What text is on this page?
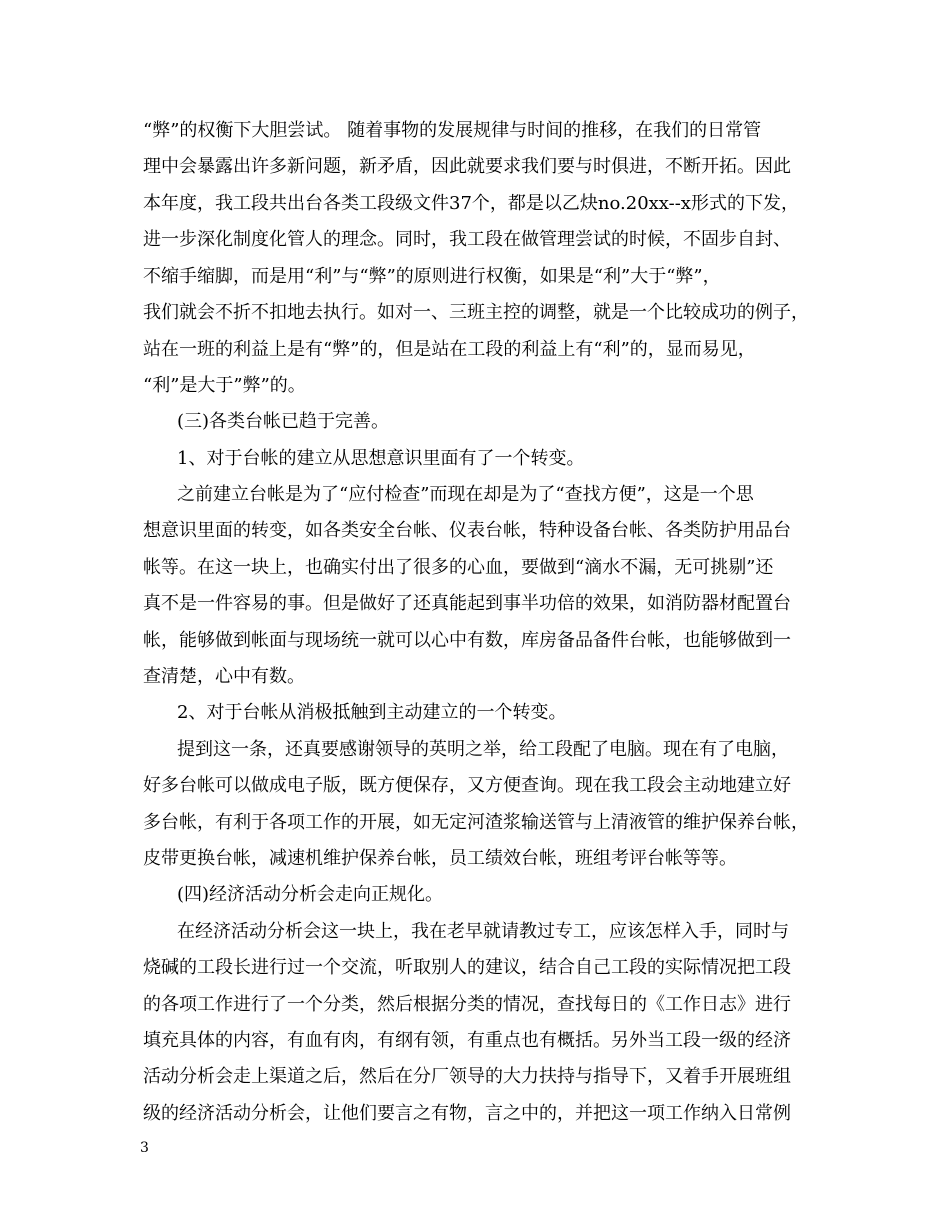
“弊”的权衡下大胆尝试。 随着事物的发展规律与时间的推移，在我们的日常管
理中会暴露出许多新问题，新矛盾，因此就要求我们要与时俱进，不断开拓。因此
本年度，我工段共出台各类工段级文件37个，都是以乙炔no.20xx--x形式的下发，
进一步深化制度化管人的理念。同时，我工段在做管理尝试的时候，不固步自封、
不缩手缩脚，而是用“利”与“弊”的原则进行权衡，如果是“利”大于“弊”，
我们就会不折不扣地去执行。如对一、三班主控的调整，就是一个比较成功的例子，
站在一班的利益上是有“弊”的，但是站在工段的利益上有“利”的，显而易见，
“利”是大于”弊”的。
(三)各类台帐已趋于完善。
1、对于台帐的建立从思想意识里面有了一个转变。
之前建立台帐是为了“应付检查”而现在却是为了“查找方便”，这是一个思
想意识里面的转变，如各类安全台帐、仪表台帐，特种设备台帐、各类防护用品台
帐等。在这一块上，也确实付出了很多的心血，要做到“滴水不漏，无可挑剔”还
真不是一件容易的事。但是做好了还真能起到事半功倍的效果，如消防器材配置台
帐，能够做到帐面与现场统一就可以心中有数，库房备品备件台帐，也能够做到一
查清楚，心中有数。
2、对于台帐从消极抵触到主动建立的一个转变。
提到这一条，还真要感谢领导的英明之举，给工段配了电脑。现在有了电脑，
好多台帐可以做成电子版，既方便保存，又方便查询。现在我工段会主动地建立好
多台帐，有利于各项工作的开展，如无定河渣浆输送管与上清液管的维护保养台帐，
皮带更换台帐，减速机维护保养台帐，员工绩效台帐，班组考评台帐等等。
(四)经济活动分析会走向正规化。
在经济活动分析会这一块上，我在老早就请教过专工，应该怎样入手，同时与
烧碱的工段长进行过一个交流，听取别人的建议，结合自己工段的实际情况把工段
的各项工作进行了一个分类，然后根据分类的情况，查找每日的《工作日志》进行
填充具体的内容，有血有肉，有纲有领，有重点也有概括。另外当工段一级的经济
活动分析会走上渠道之后，然后在分厂领导的大力扶持与指导下，又着手开展班组
级的经济活动分析会，让他们要言之有物，言之中的，并把这一项工作纳入日常例
3
